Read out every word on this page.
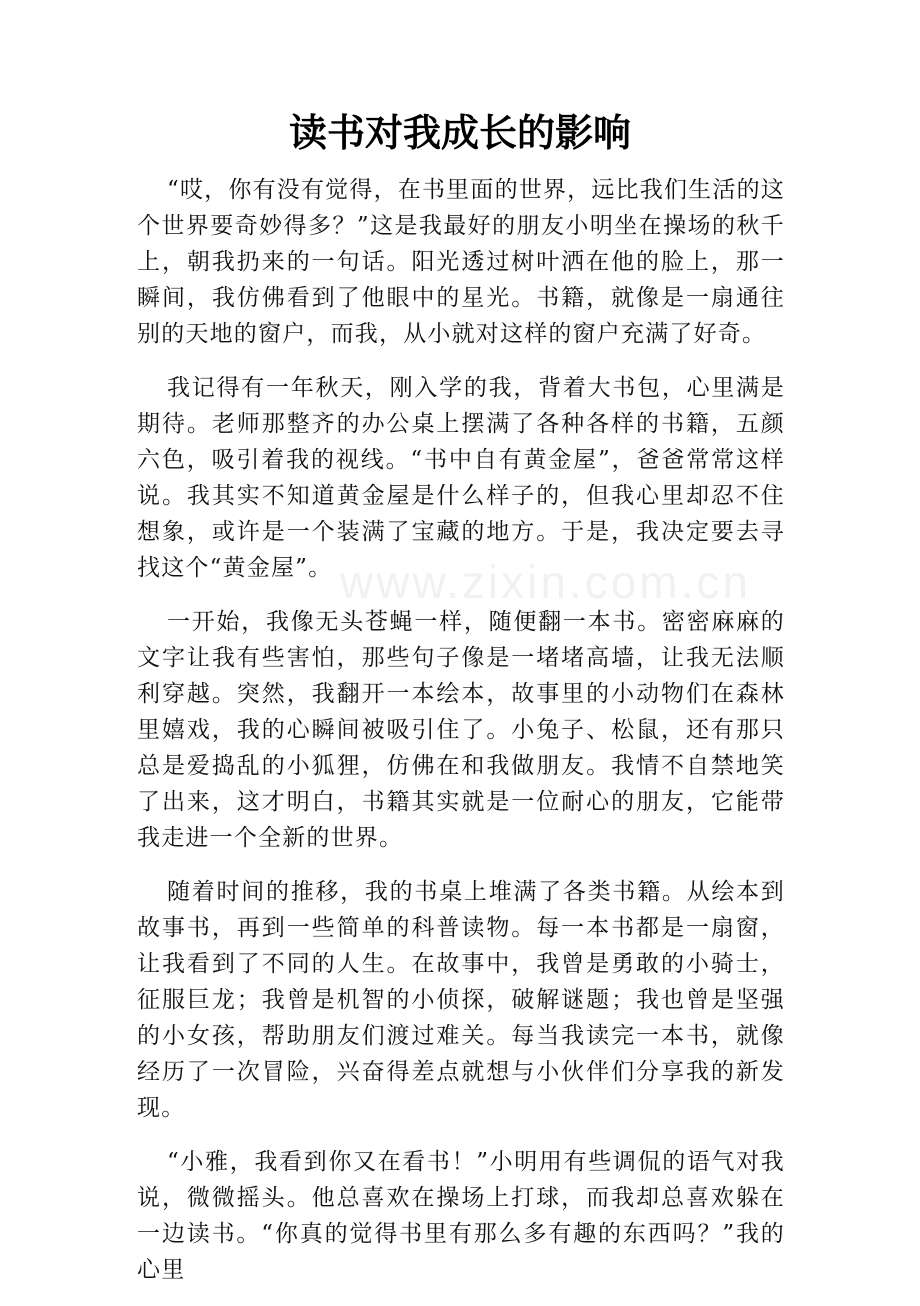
读书对我成长的影响
www.zixin.com.cn

“哎，你有没有觉得，在书里面的世界，远比我们生活的这个世界要奇妙得多？”这是我最好的朋友小明坐在操场的秋千上，朝我扔来的一句话。阳光透过树叶洒在他的脸上，那一瞬间，我仿佛看到了他眼中的星光。书籍，就像是一扇通往别的天地的窗户，而我，从小就对这样的窗户充满了好奇。

我记得有一年秋天，刚入学的我，背着大书包，心里满是期待。老师那整齐的办公桌上摆满了各种各样的书籍，五颜六色，吸引着我的视线。“书中自有黄金屋”，爸爸常常这样说。我其实不知道黄金屋是什么样子的，但我心里却忍不住想象，或许是一个装满了宝藏的地方。于是，我决定要去寻找这个“黄金屋”。

一开始，我像无头苍蝇一样，随便翻一本书。密密麻麻的文字让我有些害怕，那些句子像是一堵堵高墙，让我无法顺利穿越。突然，我翻开一本绘本，故事里的小动物们在森林里嬉戏，我的心瞬间被吸引住了。小兔子、松鼠，还有那只总是爱捣乱的小狐狸，仿佛在和我做朋友。我情不自禁地笑了出来，这才明白，书籍其实就是一位耐心的朋友，它能带我走进一个全新的世界。

随着时间的推移，我的书桌上堆满了各类书籍。从绘本到故事书，再到一些简单的科普读物。每一本书都是一扇窗，让我看到了不同的人生。在故事中，我曾是勇敢的小骑士，征服巨龙；我曾是机智的小侦探，破解谜题；我也曾是坚强的小女孩，帮助朋友们渡过难关。每当我读完一本书，就像经历了一次冒险，兴奋得差点就想与小伙伴们分享我的新发现。

“小雅，我看到你又在看书！”小明用有些调侃的语气对我说，微微摇头。他总喜欢在操场上打球，而我却总喜欢躲在一边读书。“你真的觉得书里有那么多有趣的东西吗？”我的心里
